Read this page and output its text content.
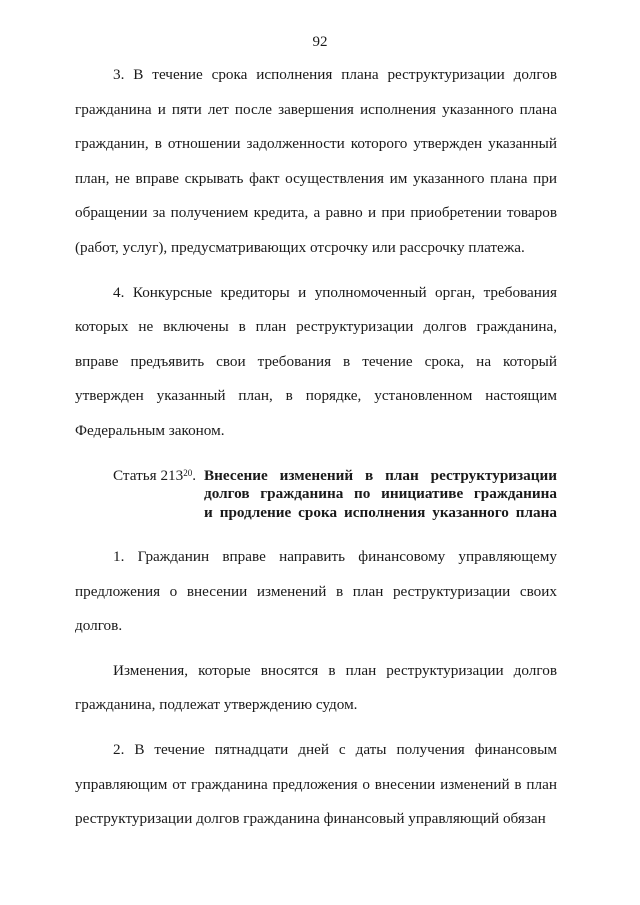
92

3. В течение срока исполнения плана реструктуризации долгов гражданина и пяти лет после завершения исполнения указанного плана гражданин, в отношении задолженности которого утвержден указанный план, не вправе скрывать факт осуществления им указанного плана при обращении за получением кредита, а равно и при приобретении товаров (работ, услуг), предусматривающих отсрочку или рассрочку платежа.

4. Конкурсные кредиторы и уполномоченный орган, требования которых не включены в план реструктуризации долгов гражданина, вправе предъявить свои требования в течение срока, на который утвержден указанный план, в порядке, установленном настоящим Федеральным законом.

Статья $213^{20}$. Внесение изменений в план реструктуризации
долгов гражданина по инициативе гражданина
и продление срока исполнения указанного плана

1. Гражданин вправе направить финансовому управляющему предложения о внесении изменений в план реструктуризации своих долгов.

Изменения, которые вносятся в план реструктуризации долгов гражданина, подлежат утверждению судом.

2. В течение пятнадцати дней с даты получения финансовым управляющим от гражданина предложения о внесении изменений в план реструктуризации долгов гражданина финансовый управляющий обязан
